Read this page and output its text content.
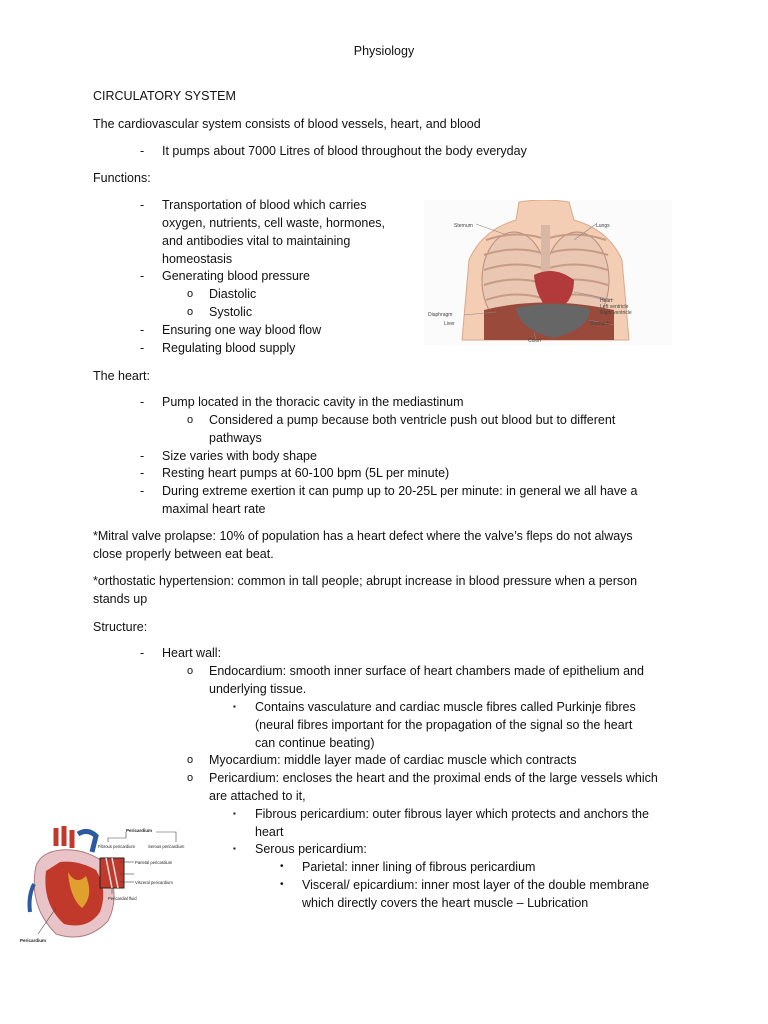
Physiology
CIRCULATORY SYSTEM
The cardiovascular system consists of blood vessels, heart, and blood
- It pumps about 7000 Litres of blood throughout the body everyday
Functions:
- Transportation of blood which carries
oxygen, nutrients, cell waste, hormones,
and antibodies vital to maintaining
homeostasis
- Generating blood pressure
o Diastolic
o Systolic
- Ensuring one way blood flow
- Regulating blood supply
Sternum	Lungs
Heart
Left ventricle
Right ventricle
Diaphragm
Liver	Stomach
Colon
The heart:
- Pump located in the thoracic cavity in the mediastinum
o Considered a pump because both ventricle push out blood but to different
pathways
- Size varies with body shape
- Resting heart pumps at 60-100 bpm (5L per minute)
- During extreme exertion it can pump up to 20-25L per minute: in general we all have a
maximal heart rate
*Mitral valve prolapse: 10% of population has a heart defect where the valve’s fleps do not always
close properly between eat beat.
*orthostatic hypertension: common in tall people; abrupt increase in blood pressure when a person
stands up
Structure:
- Heart wall:
o Endocardium: smooth inner surface of heart chambers made of epithelium and
underlying tissue.
▪ Contains vasculature and cardiac muscle fibres called Purkinje fibres
(neural fibres important for the propagation of the signal so the heart
can continue beating)
o Myocardium: middle layer made of cardiac muscle which contracts
o Pericardium: encloses the heart and the proximal ends of the large vessels which
are attached to it,
▪ Fibrous pericardium: outer fibrous layer which protects and anchors the
heart
▪ Serous pericardium:
• Parietal: inner lining of fibrous pericardium
• Visceral/ epicardium: inner most layer of the double membrane
which directly covers the heart muscle – Lubrication
Pericardium
Fibrous pericardium	Serous pericardium
Parietal pericardium
Visceral pericardium
Pericardial fluid
Pericardium
